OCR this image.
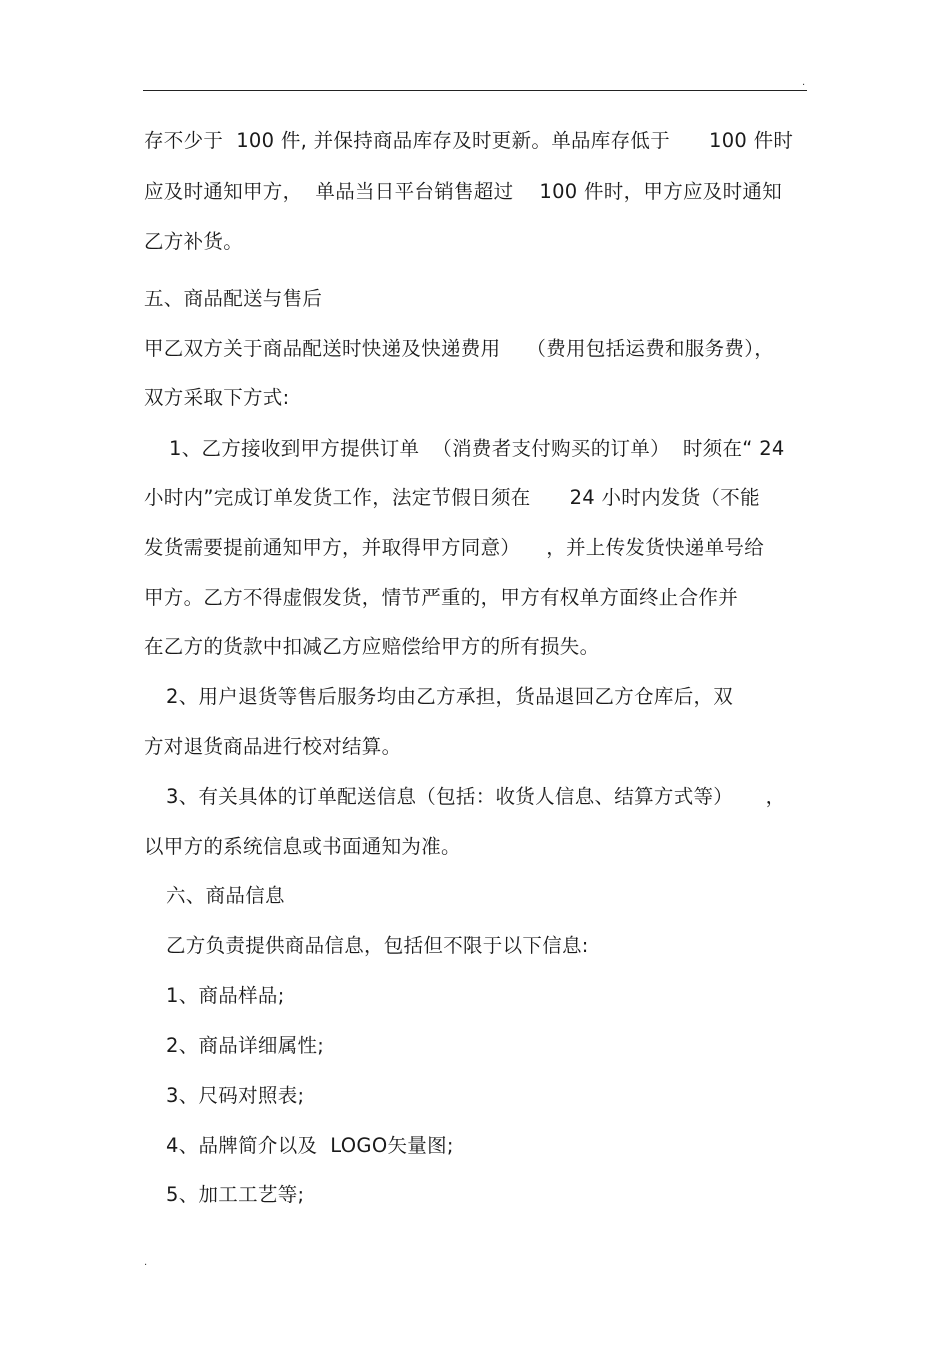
.
.
存不少于  100 件, 并保持商品库存及时更新。单品库存低于      100 件时
应及时通知甲方，  单品当日平台销售超过    100 件时，甲方应及时通知
乙方补货。
五、商品配送与售后
甲乙双方关于商品配送时快递及快递费用    （费用包括运费和服务费），
双方采取下方式:
1、乙方接收到甲方提供订单  （消费者支付购买的订单）  时须在“ 24
小时内”完成订单发货工作，法定节假日须在      24 小时内发货（不能
发货需要提前通知甲方，并取得甲方同意）    ，并上传发货快递单号给
甲方。乙方不得虚假发货，情节严重的，甲方有权单方面终止合作并
在乙方的货款中扣减乙方应赔偿给甲方的所有损失。
2、用户退货等售后服务均由乙方承担，货品退回乙方仓库后，双
方对退货商品进行校对结算。
3、有关具体的订单配送信息（包括：收货人信息、结算方式等）     ，
以甲方的系统信息或书面通知为准。
六、商品信息
乙方负责提供商品信息，包括但不限于以下信息:
1、商品样品;
2、商品详细属性;
3、尺码对照表;
4、品牌简介以及  LOGO矢量图;
5、加工工艺等;
